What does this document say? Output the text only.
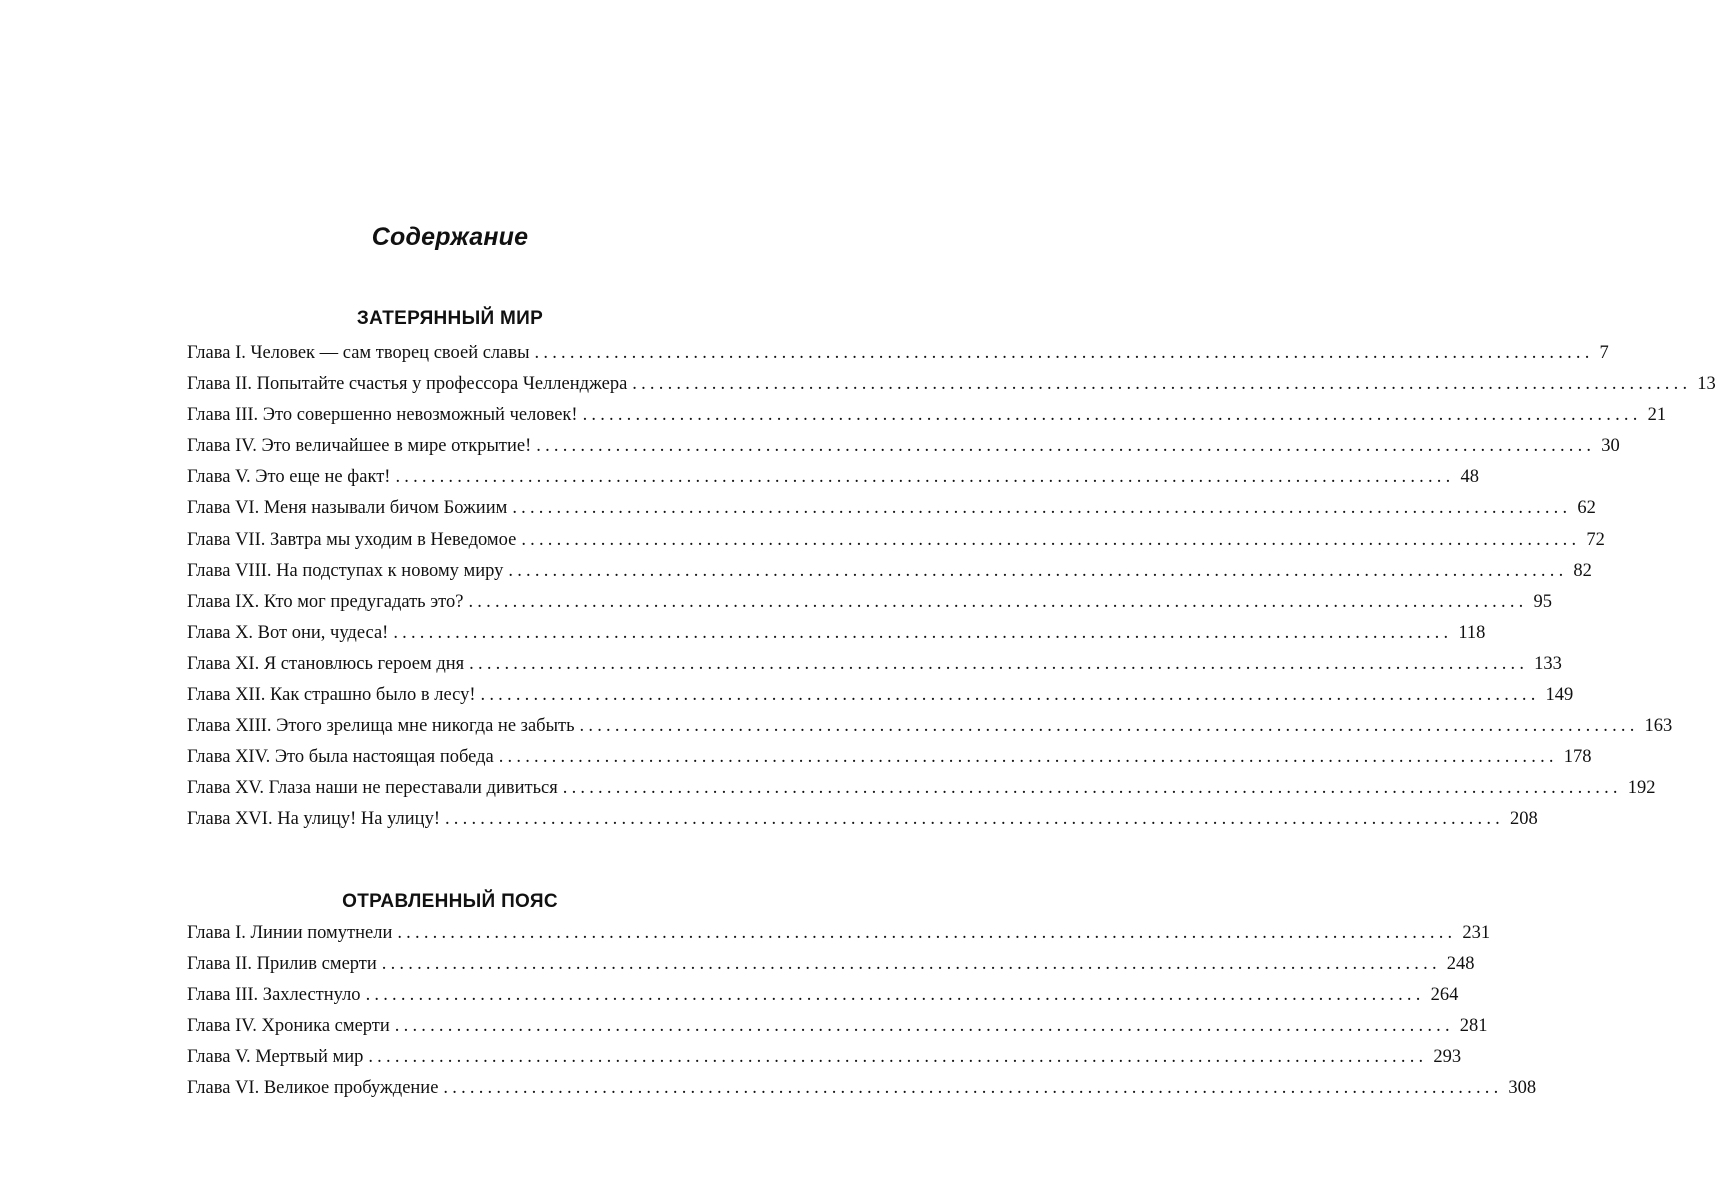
Содержание
ЗАТЕРЯННЫЙ МИР
Глава I. Человек — сам творец своей славы ........................................................................................................................ 7
Глава II. Попытайте счастья у профессора Челленджера ........................................................................................................................ 13
Глава III. Это совершенно невозможный человек! ........................................................................................................................ 21
Глава IV. Это величайшее в мире открытие! ........................................................................................................................ 30
Глава V. Это еще не факт! ........................................................................................................................ 48
Глава VI. Меня называли бичом Божиим ........................................................................................................................ 62
Глава VII. Завтра мы уходим в Неведомое ........................................................................................................................ 72
Глава VIII. На подступах к новому миру ........................................................................................................................ 82
Глава IX. Кто мог предугадать это? ........................................................................................................................ 95
Глава X. Вот они, чудеса! ........................................................................................................................ 118
Глава XI. Я становлюсь героем дня ........................................................................................................................ 133
Глава XII. Как страшно было в лесу! ........................................................................................................................ 149
Глава XIII. Этого зрелища мне никогда не забыть ........................................................................................................................ 163
Глава XIV. Это была настоящая победа ........................................................................................................................ 178
Глава XV. Глаза наши не переставали дивиться ........................................................................................................................ 192
Глава XVI. На улицу! На улицу! ........................................................................................................................ 208
ОТРАВЛЕННЫЙ ПОЯС
Глава I. Линии помутнели ........................................................................................................................ 231
Глава II. Прилив смерти ........................................................................................................................ 248
Глава III. Захлестнуло ........................................................................................................................ 264
Глава IV. Хроника смерти ........................................................................................................................ 281
Глава V. Мертвый мир ........................................................................................................................ 293
Глава VI. Великое пробуждение ........................................................................................................................ 308
